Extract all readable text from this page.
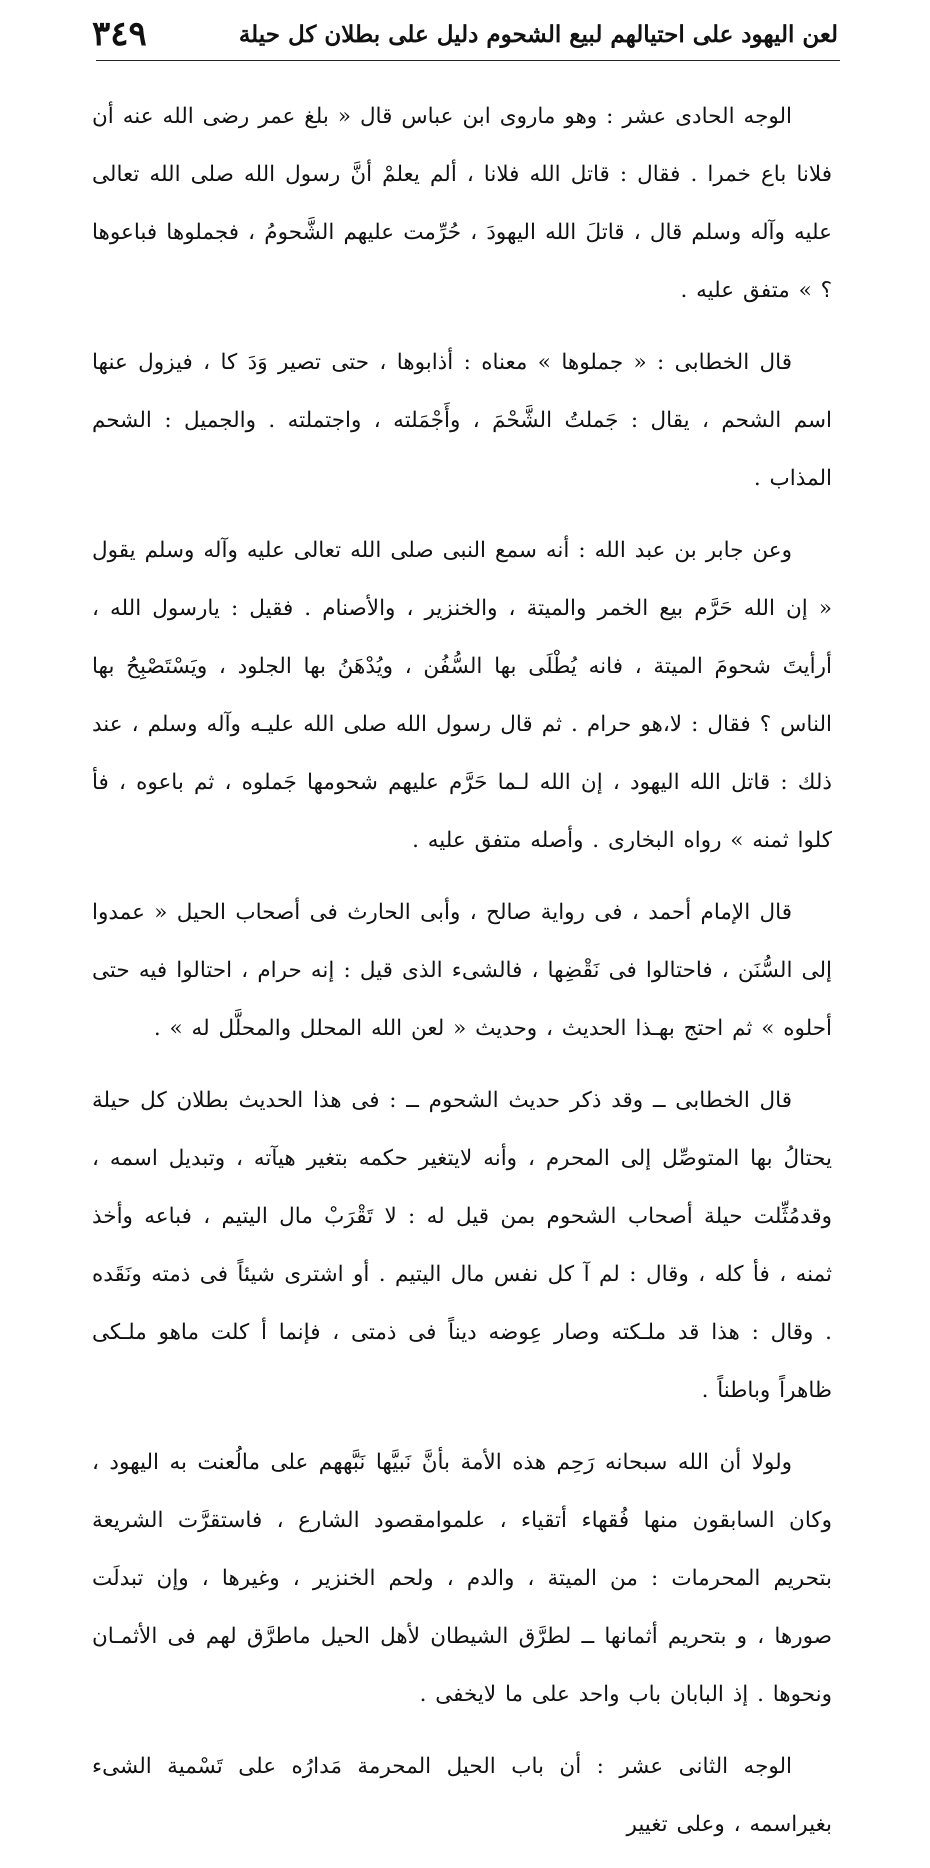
لعن اليهود على احتيالهم لبيع الشحوم دليل على بطلان كل حيلة
٣٤٩

الوجه الحادى عشر : وهو ماروى ابن عباس قال « بلغ عمر رضى الله عنه أن فلانا باع خمرا . فقال : قاتل الله فلانا ، ألم يعلمْ أنَّ رسول الله صلى الله تعالى عليه وآله وسلم قال ، قاتلَ الله اليهودَ ، حُرِّمت عليهم الشَّحومُ ، فجملوها فباعوها ؟ » متفق عليه .

قال الخطابى : « جملوها » معناه : أذابوها ، حتى تصير وَدَ كا ، فيزول عنها اسم الشحم ، يقال : جَملتُ الشَّحْمَ ، وأَجْمَلته ، واجتملته . والجميل : الشحم المذاب .

وعن جابر بن عبد الله : أنه سمع النبى صلى الله تعالى عليه وآله وسلم يقول « إن الله حَرَّم بيع الخمر والميتة ، والخنزير ، والأصنام . فقيل : يارسول الله ، أرأيتَ شحومَ الميتة ، فانه يُطْلَى بها السُّفُن ، ويُدْهَنُ بها الجلود ، ويَسْتَصْبِحُ بها الناس ؟ فقال : لا،هو حرام . ثم قال رسول الله صلى الله عليـه وآله وسلم ، عند ذلك : قاتل الله اليهود ، إن الله لـما حَرَّم عليهم شحومها جَملوه ، ثم باعوه ، فأ كلوا ثمنه » رواه البخارى . وأصله متفق عليه .

قال الإمام أحمد ، فى رواية صالح ، وأبى الحارث فى أصحاب الحيل « عمدوا إلى السُّنَن ، فاحتالوا فى نَقْضِها ، فالشىء الذى قيل : إنه حرام ، احتالوا فيه حتى أحلوه » ثم احتج بهـذا الحديث ، وحديث « لعن الله المحلل والمحلَّل له » .

قال الخطابى ــ وقد ذكر حديث الشحوم ــ : فى هذا الحديث بطلان كل حيلة يحتالُ بها المتوصِّل إلى المحرم ، وأنه لايتغير حكمه بتغير هيآته ، وتبديل اسمه ، وقدمُثِّلت حيلة أصحاب الشحوم بمن قيل له : لا تَقْرَبْ مال اليتيم ، فباعه وأخذ ثمنه ، فأ كله ، وقال : لم آ كل نفس مال اليتيم . أو اشترى شيئاً فى ذمته ونَقَده . وقال : هذا قد ملـكته وصار عِوضه ديناً فى ذمتى ، فإنما أ كلت ماهو ملـكى ظاهراً وباطناً .

ولولا أن الله سبحانه رَحِم هذه الأمة بأنَّ نَبيَّها نَبَّههم على مالُعنت به اليهود ، وكان السابقون منها فُقهاء أتقياء ، علموامقصود الشارع ، فاستقرَّت الشريعة بتحريم المحرمات : من الميتة ، والدم ، ولحم الخنزير ، وغيرها ، وإن تبدلَت صورها ، و بتحريم أثمانها ــ لطرَّق الشيطان لأهل الحيل ماطرَّق لهم فى الأثمـان ونحوها . إذ البابان باب واحد على ما لايخفى .

الوجه الثانى عشر : أن باب الحيل المحرمة مَدارُه على تَسْمية الشىء بغيراسمه ، وعلى تغيير
